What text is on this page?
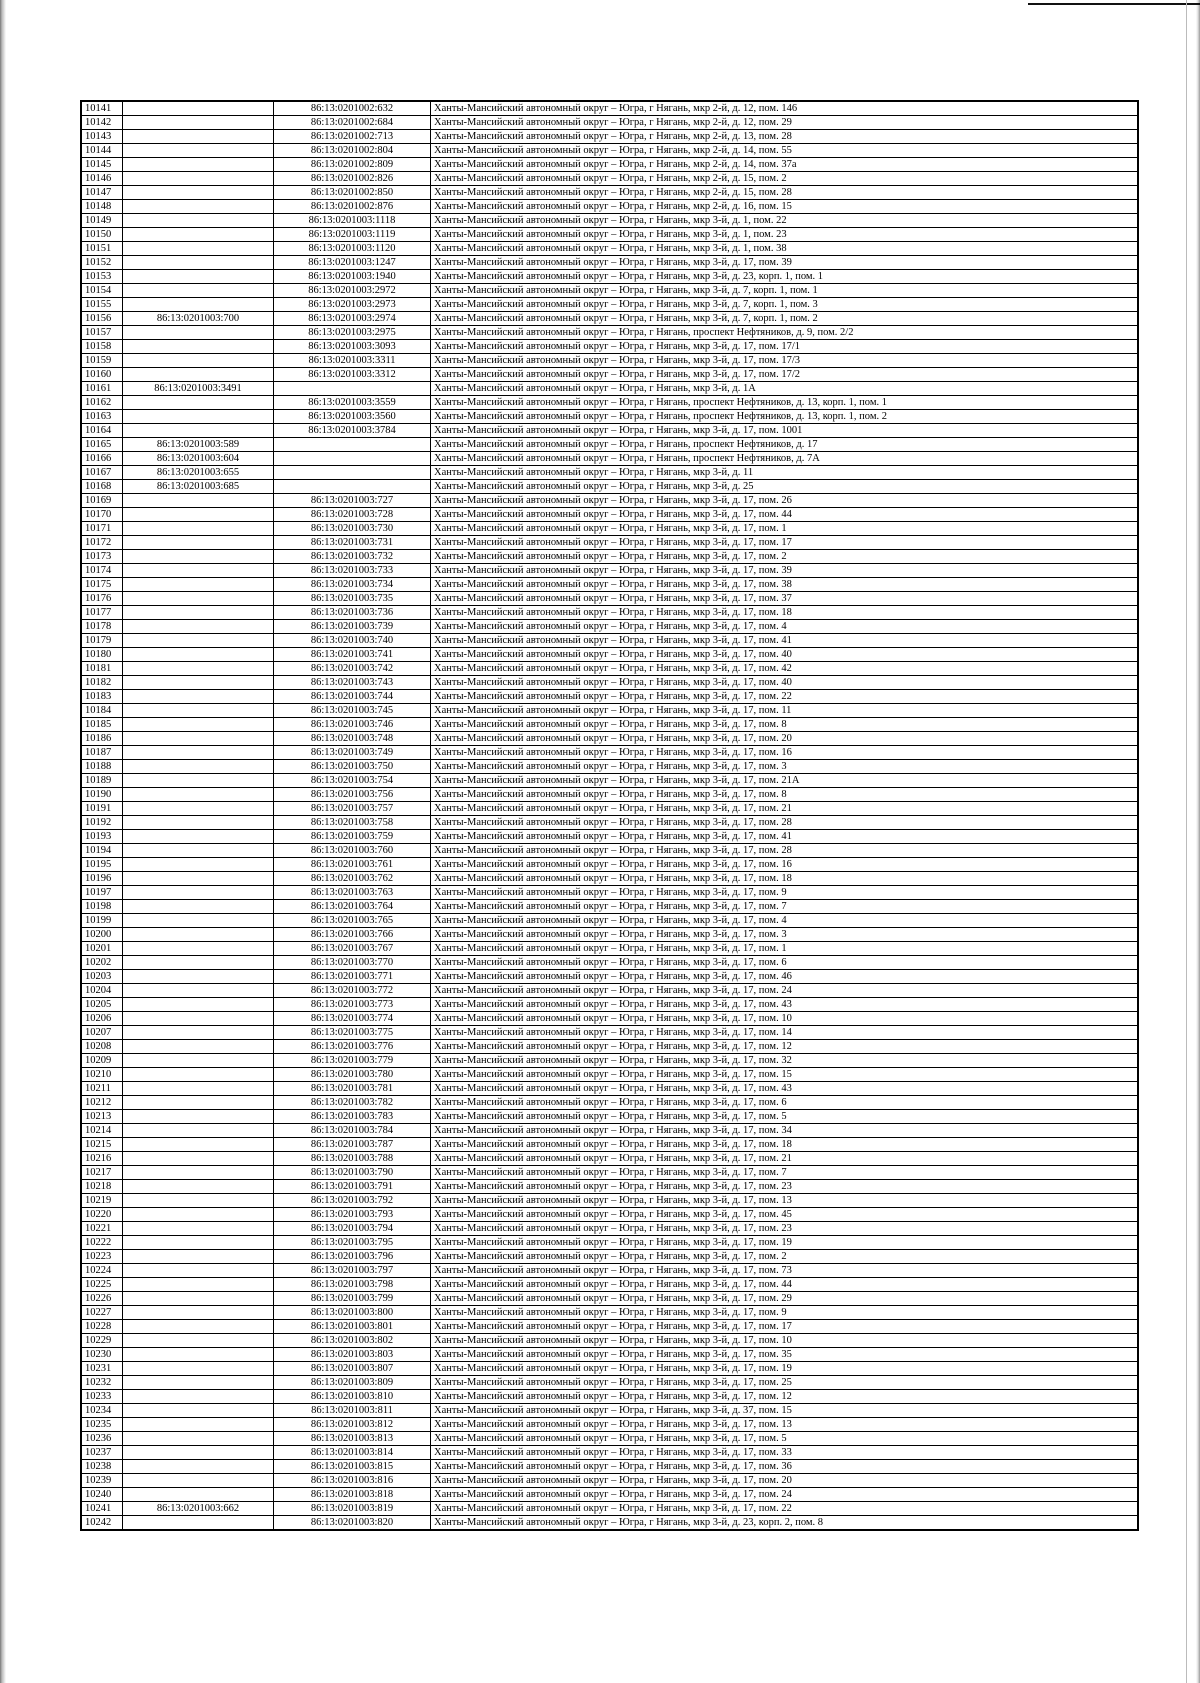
10141		86:13:0201002:632	Ханты-Мансийский автономный округ – Югра, г Нягань, мкр 2-й, д. 12, пом. 146
10142		86:13:0201002:684	Ханты-Мансийский автономный округ – Югра, г Нягань, мкр 2-й, д. 12, пом. 29
10143		86:13:0201002:713	Ханты-Мансийский автономный округ – Югра, г Нягань, мкр 2-й, д. 13, пом. 28
10144		86:13:0201002:804	Ханты-Мансийский автономный округ – Югра, г Нягань, мкр 2-й, д. 14, пом. 55
10145		86:13:0201002:809	Ханты-Мансийский автономный округ – Югра, г Нягань, мкр 2-й, д. 14, пом. 37а
10146		86:13:0201002:826	Ханты-Мансийский автономный округ – Югра, г Нягань, мкр 2-й, д. 15, пом. 2
10147		86:13:0201002:850	Ханты-Мансийский автономный округ – Югра, г Нягань, мкр 2-й, д. 15, пом. 28
10148		86:13:0201002:876	Ханты-Мансийский автономный округ – Югра, г Нягань, мкр 2-й, д. 16, пом. 15
10149		86:13:0201003:1118	Ханты-Мансийский автономный округ – Югра, г Нягань, мкр 3-й, д. 1, пом. 22
10150		86:13:0201003:1119	Ханты-Мансийский автономный округ – Югра, г Нягань, мкр 3-й, д. 1, пом. 23
10151		86:13:0201003:1120	Ханты-Мансийский автономный округ – Югра, г Нягань, мкр 3-й, д. 1, пом. 38
10152		86:13:0201003:1247	Ханты-Мансийский автономный округ – Югра, г Нягань, мкр 3-й, д. 17, пом. 39
10153		86:13:0201003:1940	Ханты-Мансийский автономный округ – Югра, г Нягань, мкр 3-й, д. 23, корп. 1, пом. 1
10154		86:13:0201003:2972	Ханты-Мансийский автономный округ – Югра, г Нягань, мкр 3-й, д. 7, корп. 1, пом. 1
10155		86:13:0201003:2973	Ханты-Мансийский автономный округ – Югра, г Нягань, мкр 3-й, д. 7, корп. 1, пом. 3
10156	86:13:0201003:700	86:13:0201003:2974	Ханты-Мансийский автономный округ – Югра, г Нягань, мкр 3-й, д. 7, корп. 1, пом. 2
10157		86:13:0201003:2975	Ханты-Мансийский автономный округ – Югра, г Нягань, проспект Нефтяников, д. 9, пом. 2/2
10158		86:13:0201003:3093	Ханты-Мансийский автономный округ – Югра, г Нягань, мкр 3-й, д. 17, пом. 17/1
10159		86:13:0201003:3311	Ханты-Мансийский автономный округ – Югра, г Нягань, мкр 3-й, д. 17, пом. 17/3
10160		86:13:0201003:3312	Ханты-Мансийский автономный округ – Югра, г Нягань, мкр 3-й, д. 17, пом. 17/2
10161	86:13:0201003:3491		Ханты-Мансийский автономный округ – Югра, г Нягань, мкр 3-й, д. 1А
10162		86:13:0201003:3559	Ханты-Мансийский автономный округ – Югра, г Нягань, проспект Нефтяников, д. 13, корп. 1, пом. 1
10163		86:13:0201003:3560	Ханты-Мансийский автономный округ – Югра, г Нягань, проспект Нефтяников, д. 13, корп. 1, пом. 2
10164		86:13:0201003:3784	Ханты-Мансийский автономный округ – Югра, г Нягань, мкр 3-й, д. 17, пом. 1001
10165	86:13:0201003:589		Ханты-Мансийский автономный округ – Югра, г Нягань, проспект Нефтяников, д. 17
10166	86:13:0201003:604		Ханты-Мансийский автономный округ – Югра, г Нягань, проспект Нефтяников, д. 7А
10167	86:13:0201003:655		Ханты-Мансийский автономный округ – Югра, г Нягань, мкр 3-й, д. 11
10168	86:13:0201003:685		Ханты-Мансийский автономный округ – Югра, г Нягань, мкр 3-й, д. 25
10169		86:13:0201003:727	Ханты-Мансийский автономный округ – Югра, г Нягань, мкр 3-й, д. 17, пом. 26
10170		86:13:0201003:728	Ханты-Мансийский автономный округ – Югра, г Нягань, мкр 3-й, д. 17, пом. 44
10171		86:13:0201003:730	Ханты-Мансийский автономный округ – Югра, г Нягань, мкр 3-й, д. 17, пом. 1
10172		86:13:0201003:731	Ханты-Мансийский автономный округ – Югра, г Нягань, мкр 3-й, д. 17, пом. 17
10173		86:13:0201003:732	Ханты-Мансийский автономный округ – Югра, г Нягань, мкр 3-й, д. 17, пом. 2
10174		86:13:0201003:733	Ханты-Мансийский автономный округ – Югра, г Нягань, мкр 3-й, д. 17, пом. 39
10175		86:13:0201003:734	Ханты-Мансийский автономный округ – Югра, г Нягань, мкр 3-й, д. 17, пом. 38
10176		86:13:0201003:735	Ханты-Мансийский автономный округ – Югра, г Нягань, мкр 3-й, д. 17, пом. 37
10177		86:13:0201003:736	Ханты-Мансийский автономный округ – Югра, г Нягань, мкр 3-й, д. 17, пом. 18
10178		86:13:0201003:739	Ханты-Мансийский автономный округ – Югра, г Нягань, мкр 3-й, д. 17, пом. 4
10179		86:13:0201003:740	Ханты-Мансийский автономный округ – Югра, г Нягань, мкр 3-й, д. 17, пом. 41
10180		86:13:0201003:741	Ханты-Мансийский автономный округ – Югра, г Нягань, мкр 3-й, д. 17, пом. 40
10181		86:13:0201003:742	Ханты-Мансийский автономный округ – Югра, г Нягань, мкр 3-й, д. 17, пом. 42
10182		86:13:0201003:743	Ханты-Мансийский автономный округ – Югра, г Нягань, мкр 3-й, д. 17, пом. 40
10183		86:13:0201003:744	Ханты-Мансийский автономный округ – Югра, г Нягань, мкр 3-й, д. 17, пом. 22
10184		86:13:0201003:745	Ханты-Мансийский автономный округ – Югра, г Нягань, мкр 3-й, д. 17, пом. 11
10185		86:13:0201003:746	Ханты-Мансийский автономный округ – Югра, г Нягань, мкр 3-й, д. 17, пом. 8
10186		86:13:0201003:748	Ханты-Мансийский автономный округ – Югра, г Нягань, мкр 3-й, д. 17, пом. 20
10187		86:13:0201003:749	Ханты-Мансийский автономный округ – Югра, г Нягань, мкр 3-й, д. 17, пом. 16
10188		86:13:0201003:750	Ханты-Мансийский автономный округ – Югра, г Нягань, мкр 3-й, д. 17, пом. 3
10189		86:13:0201003:754	Ханты-Мансийский автономный округ – Югра, г Нягань, мкр 3-й, д. 17, пом. 21А
10190		86:13:0201003:756	Ханты-Мансийский автономный округ – Югра, г Нягань, мкр 3-й, д. 17, пом. 8
10191		86:13:0201003:757	Ханты-Мансийский автономный округ – Югра, г Нягань, мкр 3-й, д. 17, пом. 21
10192		86:13:0201003:758	Ханты-Мансийский автономный округ – Югра, г Нягань, мкр 3-й, д. 17, пом. 28
10193		86:13:0201003:759	Ханты-Мансийский автономный округ – Югра, г Нягань, мкр 3-й, д. 17, пом. 41
10194		86:13:0201003:760	Ханты-Мансийский автономный округ – Югра, г Нягань, мкр 3-й, д. 17, пом. 28
10195		86:13:0201003:761	Ханты-Мансийский автономный округ – Югра, г Нягань, мкр 3-й, д. 17, пом. 16
10196		86:13:0201003:762	Ханты-Мансийский автономный округ – Югра, г Нягань, мкр 3-й, д. 17, пом. 18
10197		86:13:0201003:763	Ханты-Мансийский автономный округ – Югра, г Нягань, мкр 3-й, д. 17, пом. 9
10198		86:13:0201003:764	Ханты-Мансийский автономный округ – Югра, г Нягань, мкр 3-й, д. 17, пом. 7
10199		86:13:0201003:765	Ханты-Мансийский автономный округ – Югра, г Нягань, мкр 3-й, д. 17, пом. 4
10200		86:13:0201003:766	Ханты-Мансийский автономный округ – Югра, г Нягань, мкр 3-й, д. 17, пом. 3
10201		86:13:0201003:767	Ханты-Мансийский автономный округ – Югра, г Нягань, мкр 3-й, д. 17, пом. 1
10202		86:13:0201003:770	Ханты-Мансийский автономный округ – Югра, г Нягань, мкр 3-й, д. 17, пом. 6
10203		86:13:0201003:771	Ханты-Мансийский автономный округ – Югра, г Нягань, мкр 3-й, д. 17, пом. 46
10204		86:13:0201003:772	Ханты-Мансийский автономный округ – Югра, г Нягань, мкр 3-й, д. 17, пом. 24
10205		86:13:0201003:773	Ханты-Мансийский автономный округ – Югра, г Нягань, мкр 3-й, д. 17, пом. 43
10206		86:13:0201003:774	Ханты-Мансийский автономный округ – Югра, г Нягань, мкр 3-й, д. 17, пом. 10
10207		86:13:0201003:775	Ханты-Мансийский автономный округ – Югра, г Нягань, мкр 3-й, д. 17, пом. 14
10208		86:13:0201003:776	Ханты-Мансийский автономный округ – Югра, г Нягань, мкр 3-й, д. 17, пом. 12
10209		86:13:0201003:779	Ханты-Мансийский автономный округ – Югра, г Нягань, мкр 3-й, д. 17, пом. 32
10210		86:13:0201003:780	Ханты-Мансийский автономный округ – Югра, г Нягань, мкр 3-й, д. 17, пом. 15
10211		86:13:0201003:781	Ханты-Мансийский автономный округ – Югра, г Нягань, мкр 3-й, д. 17, пом. 43
10212		86:13:0201003:782	Ханты-Мансийский автономный округ – Югра, г Нягань, мкр 3-й, д. 17, пом. 6
10213		86:13:0201003:783	Ханты-Мансийский автономный округ – Югра, г Нягань, мкр 3-й, д. 17, пом. 5
10214		86:13:0201003:784	Ханты-Мансийский автономный округ – Югра, г Нягань, мкр 3-й, д. 17, пом. 34
10215		86:13:0201003:787	Ханты-Мансийский автономный округ – Югра, г Нягань, мкр 3-й, д. 17, пом. 18
10216		86:13:0201003:788	Ханты-Мансийский автономный округ – Югра, г Нягань, мкр 3-й, д. 17, пом. 21
10217		86:13:0201003:790	Ханты-Мансийский автономный округ – Югра, г Нягань, мкр 3-й, д. 17, пом. 7
10218		86:13:0201003:791	Ханты-Мансийский автономный округ – Югра, г Нягань, мкр 3-й, д. 17, пом. 23
10219		86:13:0201003:792	Ханты-Мансийский автономный округ – Югра, г Нягань, мкр 3-й, д. 17, пом. 13
10220		86:13:0201003:793	Ханты-Мансийский автономный округ – Югра, г Нягань, мкр 3-й, д. 17, пом. 45
10221		86:13:0201003:794	Ханты-Мансийский автономный округ – Югра, г Нягань, мкр 3-й, д. 17, пом. 23
10222		86:13:0201003:795	Ханты-Мансийский автономный округ – Югра, г Нягань, мкр 3-й, д. 17, пом. 19
10223		86:13:0201003:796	Ханты-Мансийский автономный округ – Югра, г Нягань, мкр 3-й, д. 17, пом. 2
10224		86:13:0201003:797	Ханты-Мансийский автономный округ – Югра, г Нягань, мкр 3-й, д. 17, пом. 73
10225		86:13:0201003:798	Ханты-Мансийский автономный округ – Югра, г Нягань, мкр 3-й, д. 17, пом. 44
10226		86:13:0201003:799	Ханты-Мансийский автономный округ – Югра, г Нягань, мкр 3-й, д. 17, пом. 29
10227		86:13:0201003:800	Ханты-Мансийский автономный округ – Югра, г Нягань, мкр 3-й, д. 17, пом. 9
10228		86:13:0201003:801	Ханты-Мансийский автономный округ – Югра, г Нягань, мкр 3-й, д. 17, пом. 17
10229		86:13:0201003:802	Ханты-Мансийский автономный округ – Югра, г Нягань, мкр 3-й, д. 17, пом. 10
10230		86:13:0201003:803	Ханты-Мансийский автономный округ – Югра, г Нягань, мкр 3-й, д. 17, пом. 35
10231		86:13:0201003:807	Ханты-Мансийский автономный округ – Югра, г Нягань, мкр 3-й, д. 17, пом. 19
10232		86:13:0201003:809	Ханты-Мансийский автономный округ – Югра, г Нягань, мкр 3-й, д. 17, пом. 25
10233		86:13:0201003:810	Ханты-Мансийский автономный округ – Югра, г Нягань, мкр 3-й, д. 17, пом. 12
10234		86:13:0201003:811	Ханты-Мансийский автономный округ – Югра, г Нягань, мкр 3-й, д. 37, пом. 15
10235		86:13:0201003:812	Ханты-Мансийский автономный округ – Югра, г Нягань, мкр 3-й, д. 17, пом. 13
10236		86:13:0201003:813	Ханты-Мансийский автономный округ – Югра, г Нягань, мкр 3-й, д. 17, пом. 5
10237		86:13:0201003:814	Ханты-Мансийский автономный округ – Югра, г Нягань, мкр 3-й, д. 17, пом. 33
10238		86:13:0201003:815	Ханты-Мансийский автономный округ – Югра, г Нягань, мкр 3-й, д. 17, пом. 36
10239		86:13:0201003:816	Ханты-Мансийский автономный округ – Югра, г Нягань, мкр 3-й, д. 17, пом. 20
10240		86:13:0201003:818	Ханты-Мансийский автономный округ – Югра, г Нягань, мкр 3-й, д. 17, пом. 24
10241	86:13:0201003:662	86:13:0201003:819	Ханты-Мансийский автономный округ – Югра, г Нягань, мкр 3-й, д. 17, пом. 22
10242		86:13:0201003:820	Ханты-Мансийский автономный округ – Югра, г Нягань, мкр 3-й, д. 23, корп. 2, пом. 8
